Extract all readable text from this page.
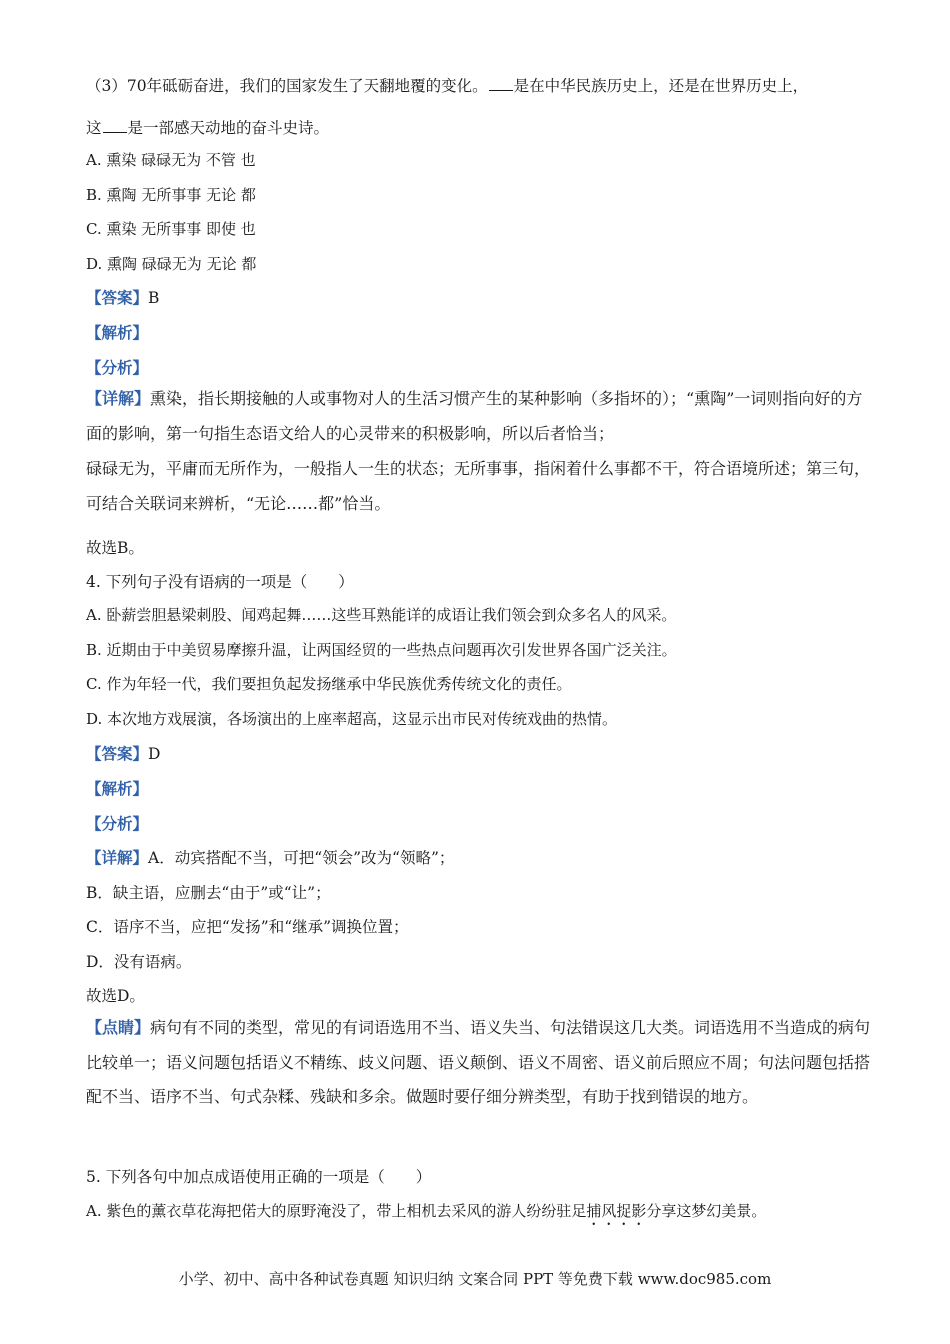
（3）70年砥砺奋进，我们的国家发生了天翻地覆的变化。 是在中华民族历史上，还是在世界历史上，
这 是一部感天动地的奋斗史诗。
A. 熏染 碌碌无为 不管 也
B. 熏陶 无所事事 无论 都
C. 熏染 无所事事 即使 也
D. 熏陶 碌碌无为 无论 都
【答案】B
【解析】
【分析】
【详解】熏染，指长期接触的人或事物对人的生活习惯产生的某种影响（多指坏的）；“熏陶”一词则指向好的方面的影响，第一句指生态语文给人的心灵带来的积极影响，所以后者恰当；
碌碌无为，平庸而无所作为，一般指人一生的状态；无所事事，指闲着什么事都不干，符合语境所述；第三句，可结合关联词来辨析，“无论……都”恰当。
故选B。
4. 下列句子没有语病的一项是（　　）
A. 卧薪尝胆悬梁刺股、闻鸡起舞……这些耳熟能详的成语让我们领会到众多名人的风采。
B. 近期由于中美贸易摩擦升温，让两国经贸的一些热点问题再次引发世界各国广泛关注。
C. 作为年轻一代，我们要担负起发扬继承中华民族优秀传统文化的责任。
D. 本次地方戏展演，各场演出的上座率超高，这显示出市民对传统戏曲的热情。
【答案】D
【解析】
【分析】
【详解】A．动宾搭配不当，可把“领会”改为“领略”；
B．缺主语，应删去“由于”或“让”；
C．语序不当，应把“发扬”和“继承”调换位置；
D．没有语病。
故选D。
【点睛】病句有不同的类型，常见的有词语选用不当、语义失当、句法错误这几大类。词语选用不当造成的病句比较单一；语义问题包括语义不精练、歧义问题、语义颠倒、语义不周密、语义前后照应不周；句法问题包括搭配不当、语序不当、句式杂糅、残缺和多余。做题时要仔细分辨类型，有助于找到错误的地方。
5. 下列各句中加点成语使用正确的一项是（　　）
A. 紫色的薰衣草花海把偌大的原野淹没了，带上相机去采风的游人纷纷驻足捕风捉影分享这梦幻美景。
小学、初中、高中各种试卷真题 知识归纳 文案合同 PPT 等免费下载 www.doc985.com
